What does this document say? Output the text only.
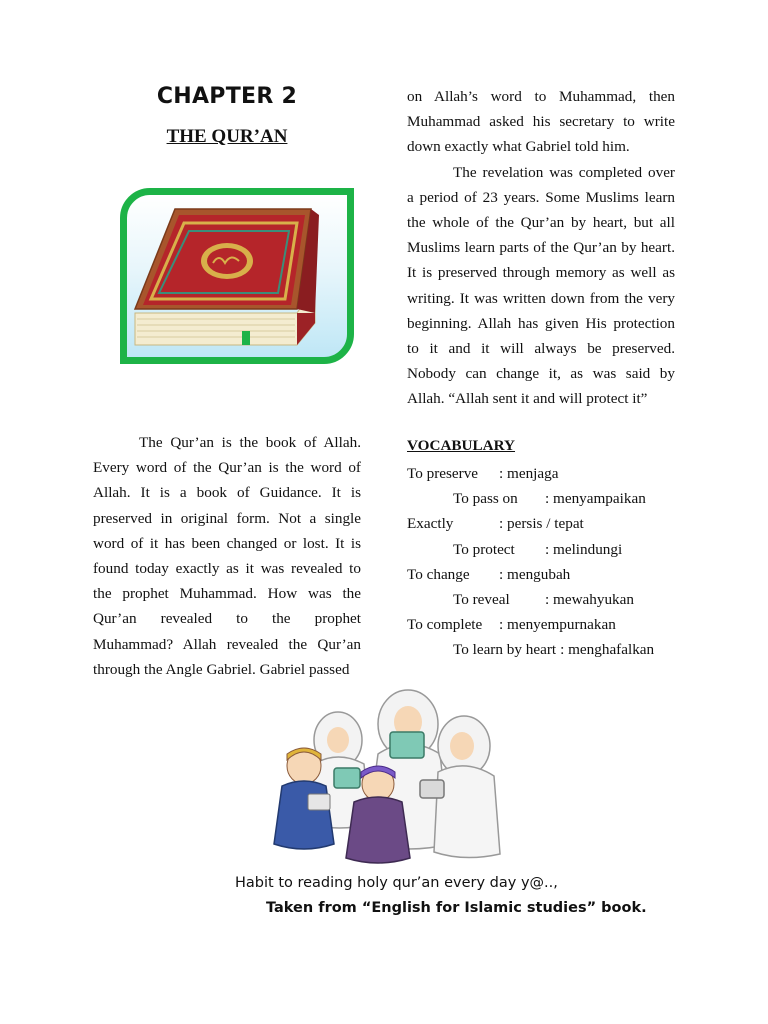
CHAPTER 2
THE QUR’AN

The Qur’an is the book of Allah. Every word of the Qur’an is the word of Allah. It is a book of Guidance. It is preserved in original form. Not a single word of it has been changed or lost. It is found today exactly as it was revealed to the prophet Muhammad. How was the Qur’an revealed to the prophet Muhammad? Allah revealed the Qur’an through the Angle Gabriel. Gabriel passed

on Allah’s word to Muhammad, then Muhammad asked his secretary to write down exactly what Gabriel told him.

The revelation was completed over a period of 23 years. Some Muslims learn the whole of the Qur’an by heart, but all Muslims learn parts of the Qur’an by heart. It is preserved through memory as well as writing. It was written down from the very beginning. Allah has given His protection to it and it will always be preserved. Nobody can change it, as was said by Allah. “Allah sent it and will protect it”

VOCABULARY
To preserve	: menjaga
To pass on	: menyampaikan
Exactly	: persis / tepat
To protect	: melindungi
To change	: mengubah
To reveal	: mewahyukan
To complete	: menyempurnakan
To learn by heart : menghafalkan
Habit to reading holy qur’an every day y@..,
Taken from “English for Islamic studies” book.
